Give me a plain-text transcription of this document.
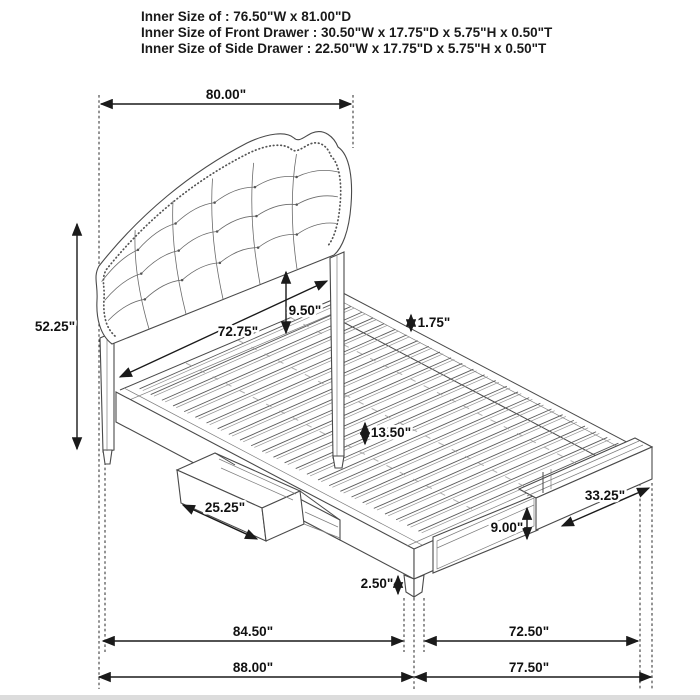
Inner Size of : 76.50"W x 81.00"D
Inner Size of Front Drawer : 30.50"W x 17.75"D x 5.75"H x 0.50"T
Inner Size of Side Drawer : 22.50"W x 17.75"D x 5.75"H x 0.50"T
80.00"
52.25"	72.75"
9.50"
1.75"
13.50"
25.25"
33.25"
9.00"
2.50"
84.50"	72.50"
88.00"	77.50"
